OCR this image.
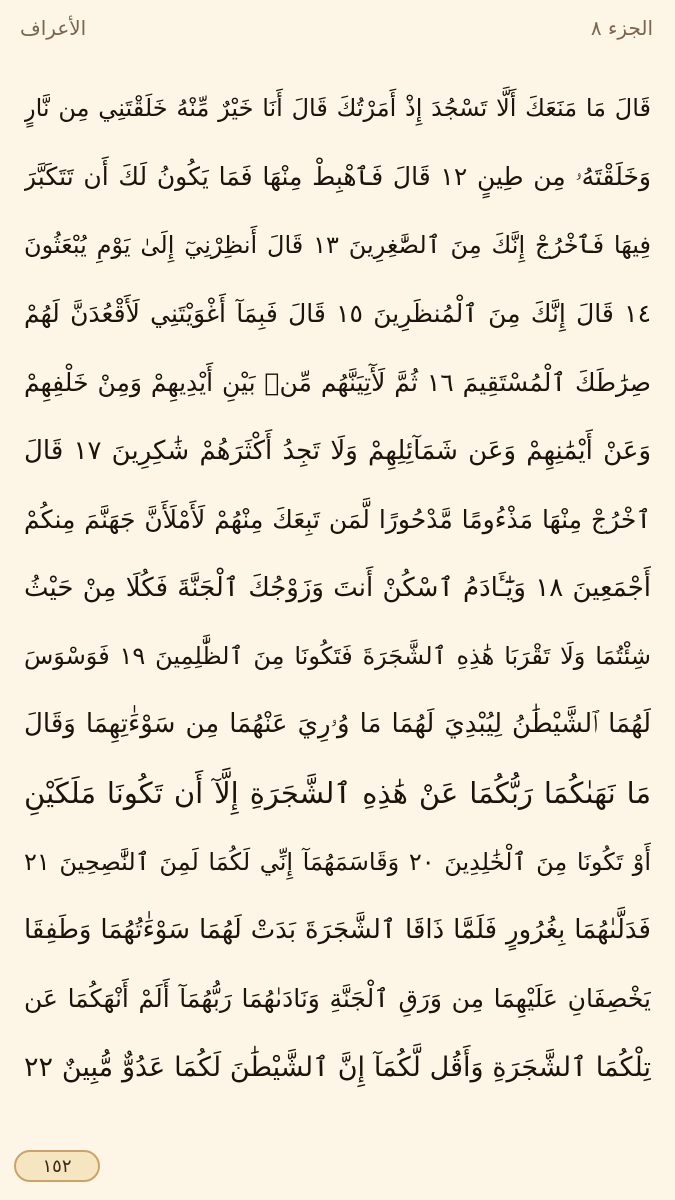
الجزء ٨
الأعراف
قَالَ مَا مَنَعَكَ أَلَّا تَسْجُدَ إِذْ أَمَرْتُكَ قَالَ أَنَا خَيْرٌ مِّنْهُ خَلَقْتَنِي مِن نَّارٍ
وَخَلَقْتَهُۥ مِن طِينٍ ١٢ قَالَ فَٱهْبِطْ مِنْهَا فَمَا يَكُونُ لَكَ أَن تَتَكَبَّرَ
فِيهَا فَٱخْرُجْ إِنَّكَ مِنَ ٱلصَّٰغِرِينَ ١٣ قَالَ أَنظِرْنِيٓ إِلَىٰ يَوْمِ يُبْعَثُونَ
١٤ قَالَ إِنَّكَ مِنَ ٱلْمُنظَرِينَ ١٥ قَالَ فَبِمَآ أَغْوَيْتَنِي لَأَقْعُدَنَّ لَهُمْ
صِرَٰطَكَ ٱلْمُسْتَقِيمَ ١٦ ثُمَّ لَأٓتِيَنَّهُم مِّنۢ بَيْنِ أَيْدِيهِمْ وَمِنْ خَلْفِهِمْ
وَعَنْ أَيْمَٰنِهِمْ وَعَن شَمَآئِلِهِمْ وَلَا تَجِدُ أَكْثَرَهُمْ شَٰكِرِينَ ١٧ قَالَ
ٱخْرُجْ مِنْهَا مَذْءُومًا مَّدْحُورًا لَّمَن تَبِعَكَ مِنْهُمْ لَأَمْلَأَنَّ جَهَنَّمَ مِنكُمْ
أَجْمَعِينَ ١٨ وَيَٰٓـَٔادَمُ ٱسْكُنْ أَنتَ وَزَوْجُكَ ٱلْجَنَّةَ فَكُلَا مِنْ حَيْثُ
شِئْتُمَا وَلَا تَقْرَبَا هَٰذِهِ ٱلشَّجَرَةَ فَتَكُونَا مِنَ ٱلظَّٰلِمِينَ ١٩ فَوَسْوَسَ
لَهُمَا ٱلشَّيْطَٰنُ لِيُبْدِيَ لَهُمَا مَا وُۥرِيَ عَنْهُمَا مِن سَوْءَٰتِهِمَا وَقَالَ
مَا نَهَىٰكُمَا رَبُّكُمَا عَنْ هَٰذِهِ ٱلشَّجَرَةِ إِلَّآ أَن تَكُونَا مَلَكَيْنِ
أَوْ تَكُونَا مِنَ ٱلْخَٰلِدِينَ ٢٠ وَقَاسَمَهُمَآ إِنِّي لَكُمَا لَمِنَ ٱلنَّٰصِحِينَ ٢١
فَدَلَّىٰهُمَا بِغُرُورٍ فَلَمَّا ذَاقَا ٱلشَّجَرَةَ بَدَتْ لَهُمَا سَوْءَٰتُهُمَا وَطَفِقَا
يَخْصِفَانِ عَلَيْهِمَا مِن وَرَقِ ٱلْجَنَّةِ وَنَادَىٰهُمَا رَبُّهُمَآ أَلَمْ أَنْهَكُمَا عَن
تِلْكُمَا ٱلشَّجَرَةِ وَأَقُل لَّكُمَآ إِنَّ ٱلشَّيْطَٰنَ لَكُمَا عَدُوٌّ مُّبِينٌ ٢٢
١٥٢
